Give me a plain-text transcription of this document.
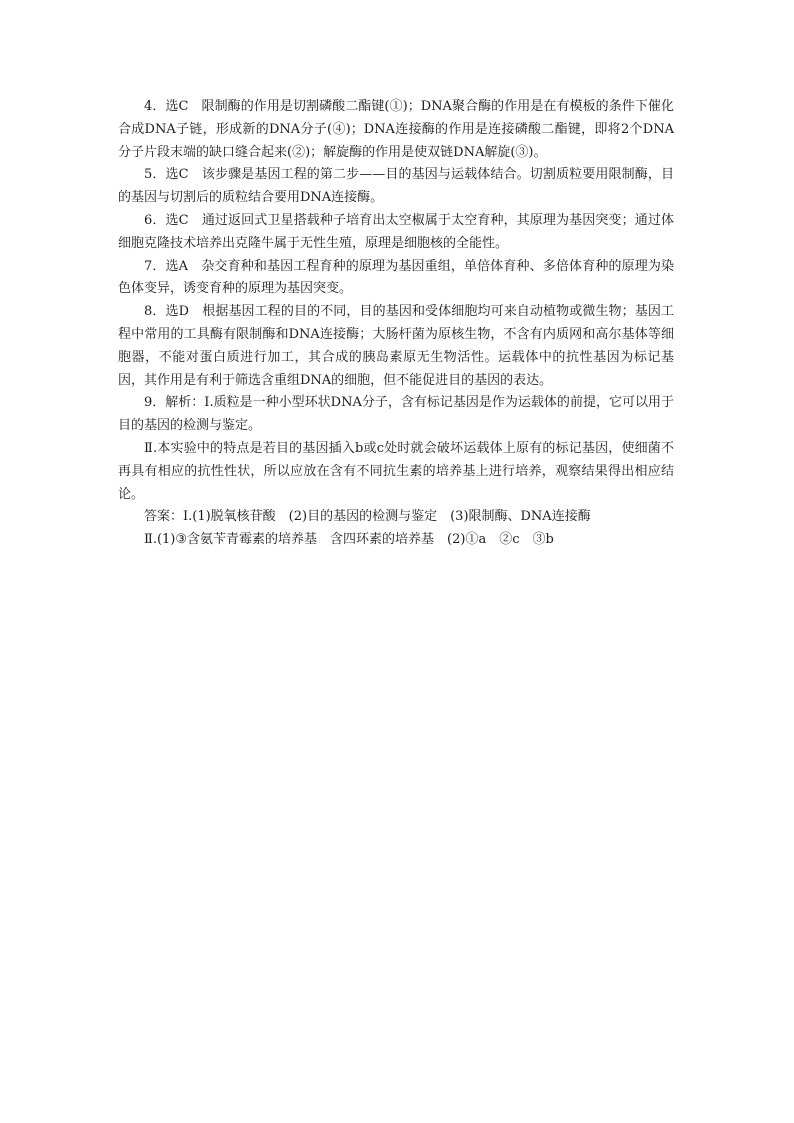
4．选C　限制酶的作用是切割磷酸二酯键(①)；DNA聚合酶的作用是在有模板的条件下催化合成DNA子链，形成新的DNA分子(④)；DNA连接酶的作用是连接磷酸二酯键，即将2个DNA分子片段末端的缺口缝合起来(②)；解旋酶的作用是使双链DNA解旋(③)。

5．选C　该步骤是基因工程的第二步——目的基因与运载体结合。切割质粒要用限制酶，目的基因与切割后的质粒结合要用DNA连接酶。

6．选C　通过返回式卫星搭载种子培育出太空椒属于太空育种，其原理为基因突变；通过体细胞克隆技术培养出克隆牛属于无性生殖，原理是细胞核的全能性。

7．选A　杂交育种和基因工程育种的原理为基因重组，单倍体育种、多倍体育种的原理为染色体变异，诱变育种的原理为基因突变。

8．选D　根据基因工程的目的不同，目的基因和受体细胞均可来自动植物或微生物；基因工程中常用的工具酶有限制酶和DNA连接酶；大肠杆菌为原核生物，不含有内质网和高尔基体等细胞器，不能对蛋白质进行加工，其合成的胰岛素原无生物活性。运载体中的抗性基因为标记基因，其作用是有利于筛选含重组DNA的细胞，但不能促进目的基因的表达。

9．解析：Ⅰ.质粒是一种小型环状DNA分子，含有标记基因是作为运载体的前提，它可以用于目的基因的检测与鉴定。

Ⅱ.本实验中的特点是若目的基因插入b或c处时就会破坏运载体上原有的标记基因，使细菌不再具有相应的抗性性状，所以应放在含有不同抗生素的培养基上进行培养，观察结果得出相应结论。

答案：Ⅰ.(1)脱氧核苷酸　(2)目的基因的检测与鉴定　(3)限制酶、DNA连接酶

Ⅱ.(1)③含氨苄青霉素的培养基　含四环素的培养基　(2)①a　②c　③b
